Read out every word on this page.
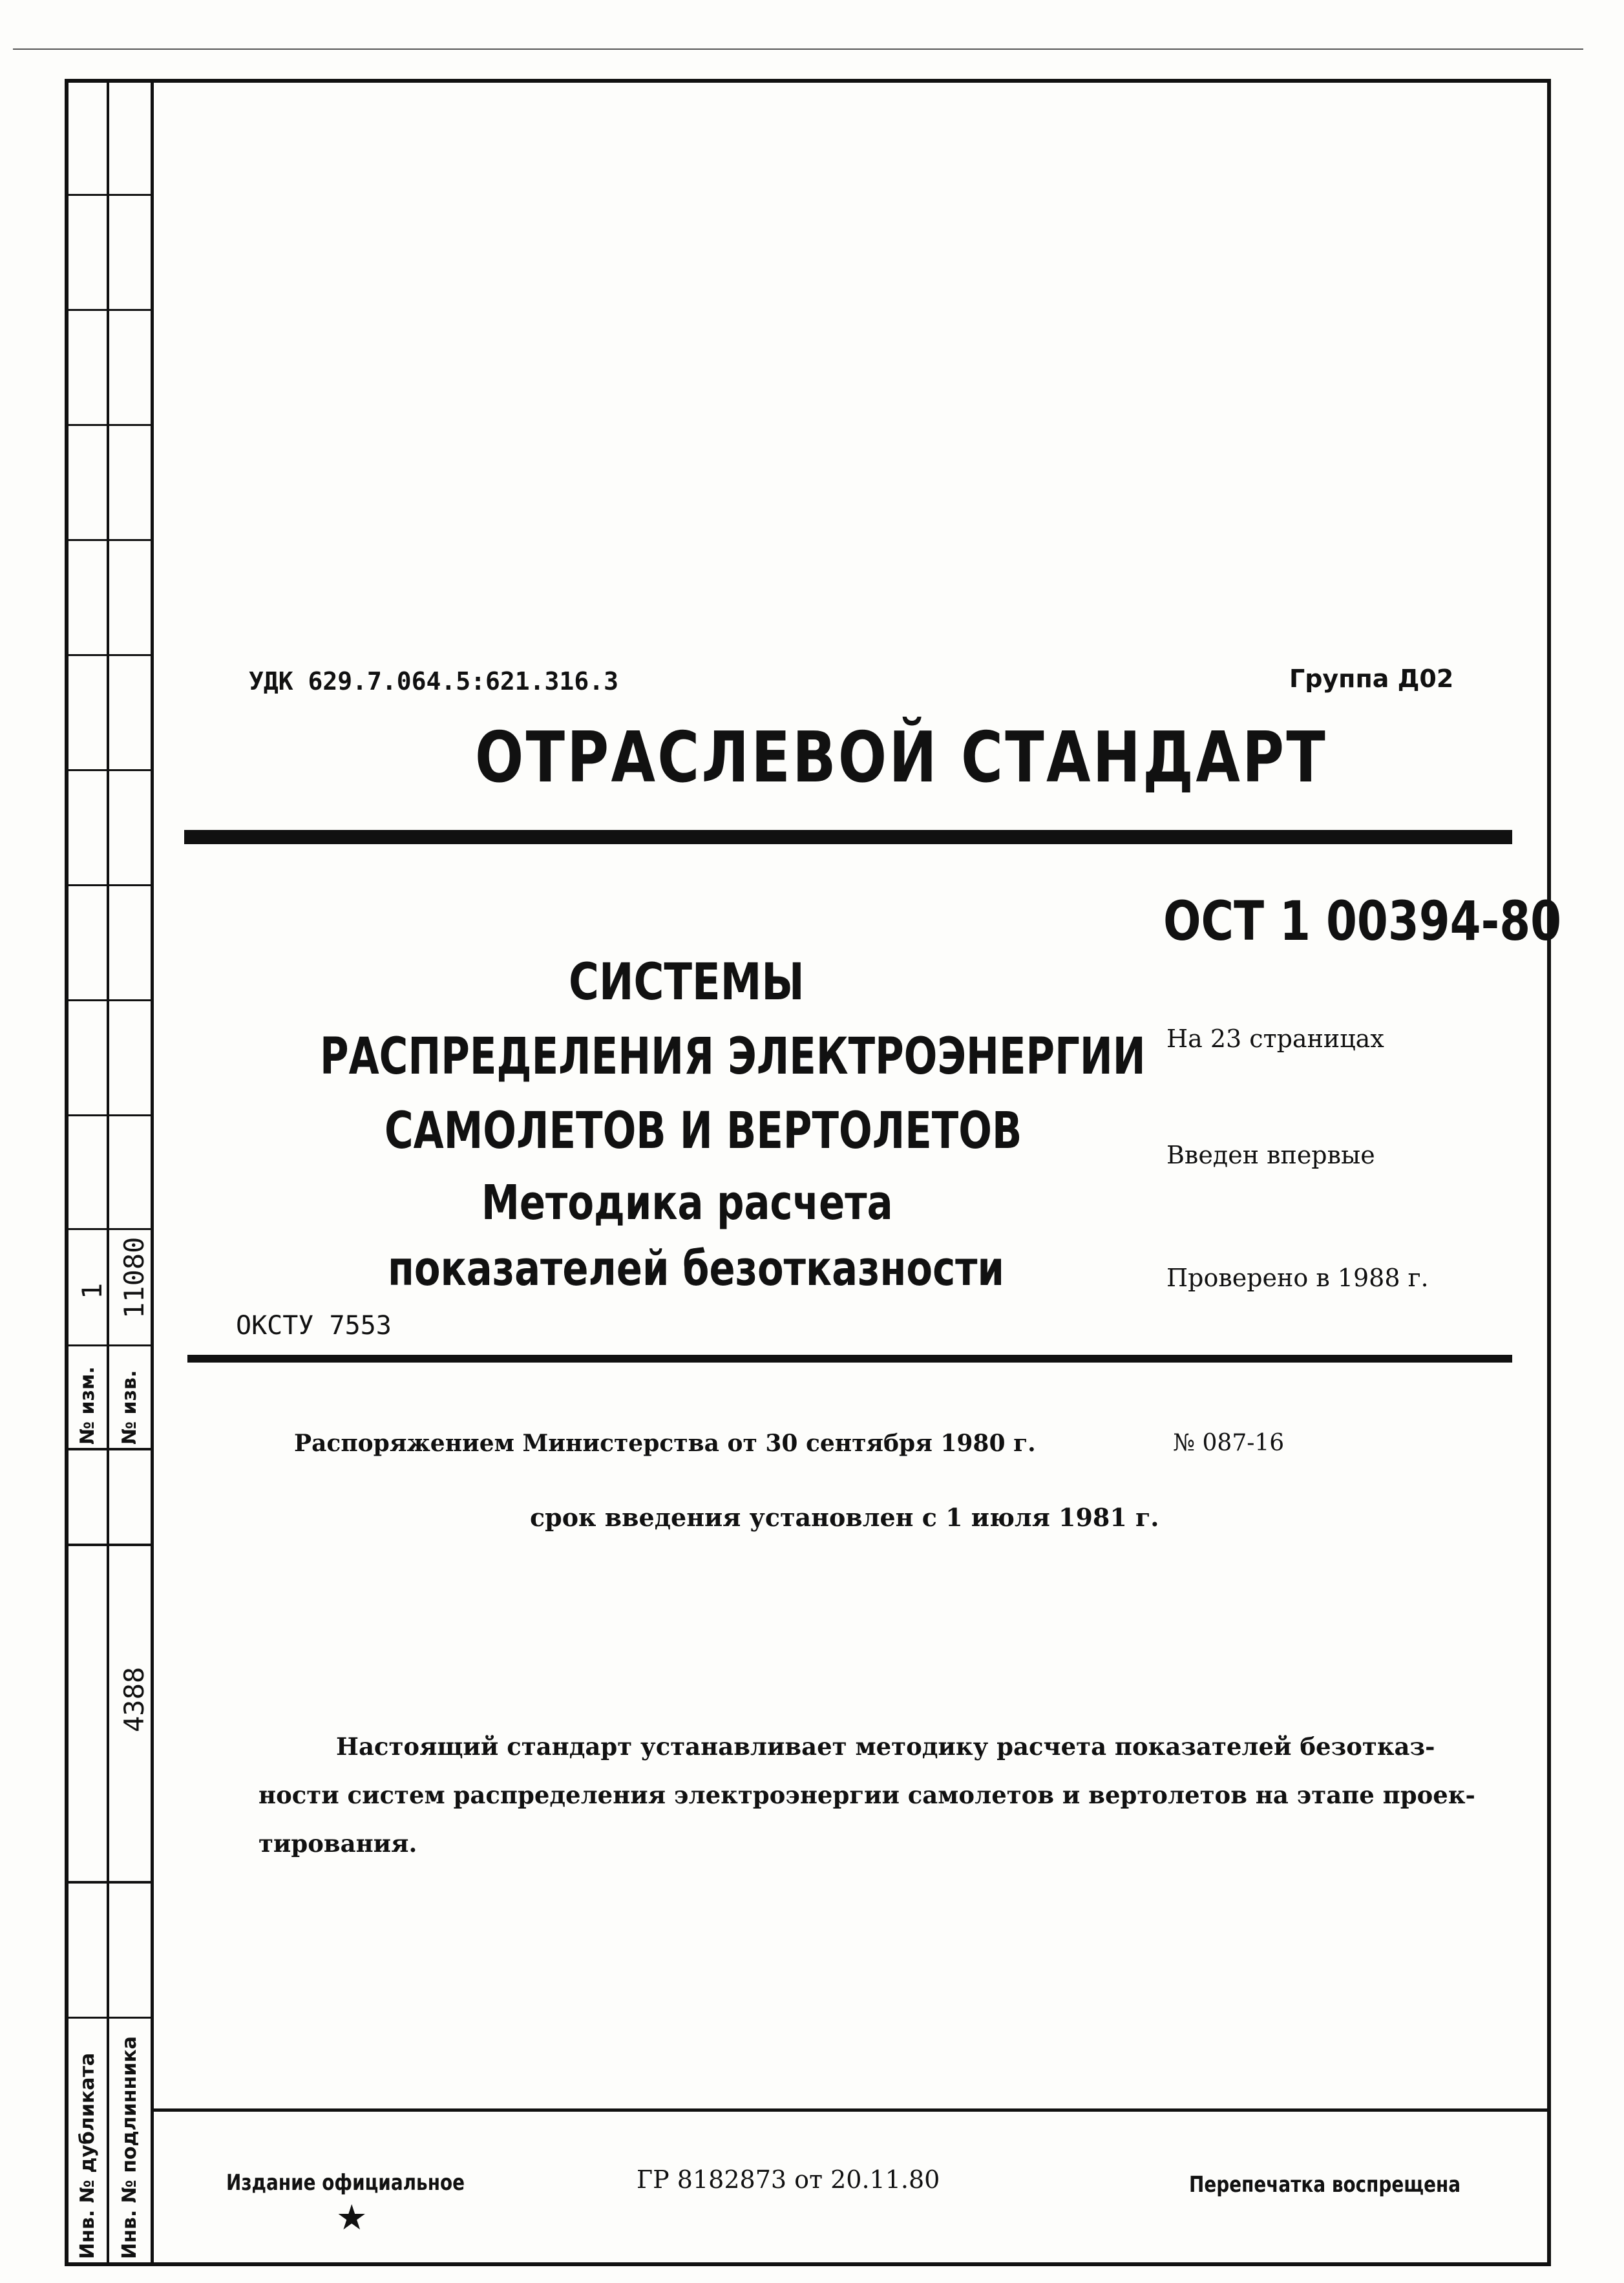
1 11080
№ изм. № изв.
4388
Инв. № дубликата Инв. № подлинника
УДК 629.7.064.5:621.316.3	Группа Д02
ОТРАСЛЕВОЙ СТАНДАРТ
ОСТ 1 00394-80
На 23 страницах
Введен впервые
Проверено в 1988 г.
СИСТЕМЫ
РАСПРЕДЕЛЕНИЯ ЭЛЕКТРОЭНЕРГИИ
САМОЛЕТОВ И ВЕРТОЛЕТОВ
Методика расчета
показателей безотказности
ОКСТУ 7553
Распоряжением Министерства от 30 сентября 1980 г.	№ 087-16
срок введения установлен с 1 июля 1981 г.
Настоящий стандарт устанавливает методику расчета показателей безотказ-
ности систем распределения электроэнергии самолетов и вертолетов на этапе проек-
тирования.
Издание официальное
★
ГР 8182873 от 20.11.80	Перепечатка воспрещена
